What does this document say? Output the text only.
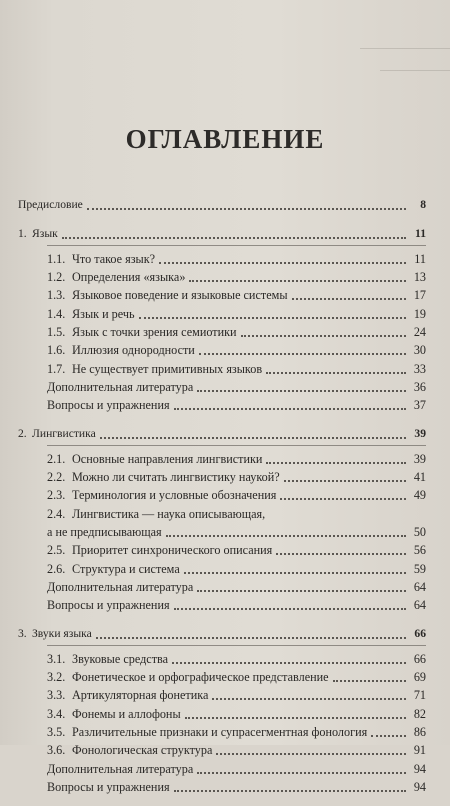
ОГЛАВЛЕНИЕ
Предисловие	8
1. Язык	11
1.1. Что такое язык?	11
1.2. Определения «языка»	13
1.3. Языковое поведение и языковые системы	17
1.4. Язык и речь	19
1.5. Язык с точки зрения семиотики	24
1.6. Иллюзия однородности	30
1.7. Не существует примитивных языков	33
Дополнительная литература	36
Вопросы и упражнения	37
2. Лингвистика	39
2.1. Основные направления лингвистики	39
2.2. Можно ли считать лингвистику наукой?	41
2.3. Терминология и условные обозначения	49
2.4. Лингвистика — наука описывающая,
а не предписывающая	50
2.5. Приоритет синхронического описания	56
2.6. Структура и система	59
Дополнительная литература	64
Вопросы и упражнения	64
3. Звуки языка	66
3.1. Звуковые средства	66
3.2. Фонетическое и орфографическое представление	69
3.3. Артикуляторная фонетика	71
3.4. Фонемы и аллофоны	82
3.5. Различительные признаки и супрасегментная фонология	86
3.6. Фонологическая структура	91
Дополнительная литература	94
Вопросы и упражнения	94
